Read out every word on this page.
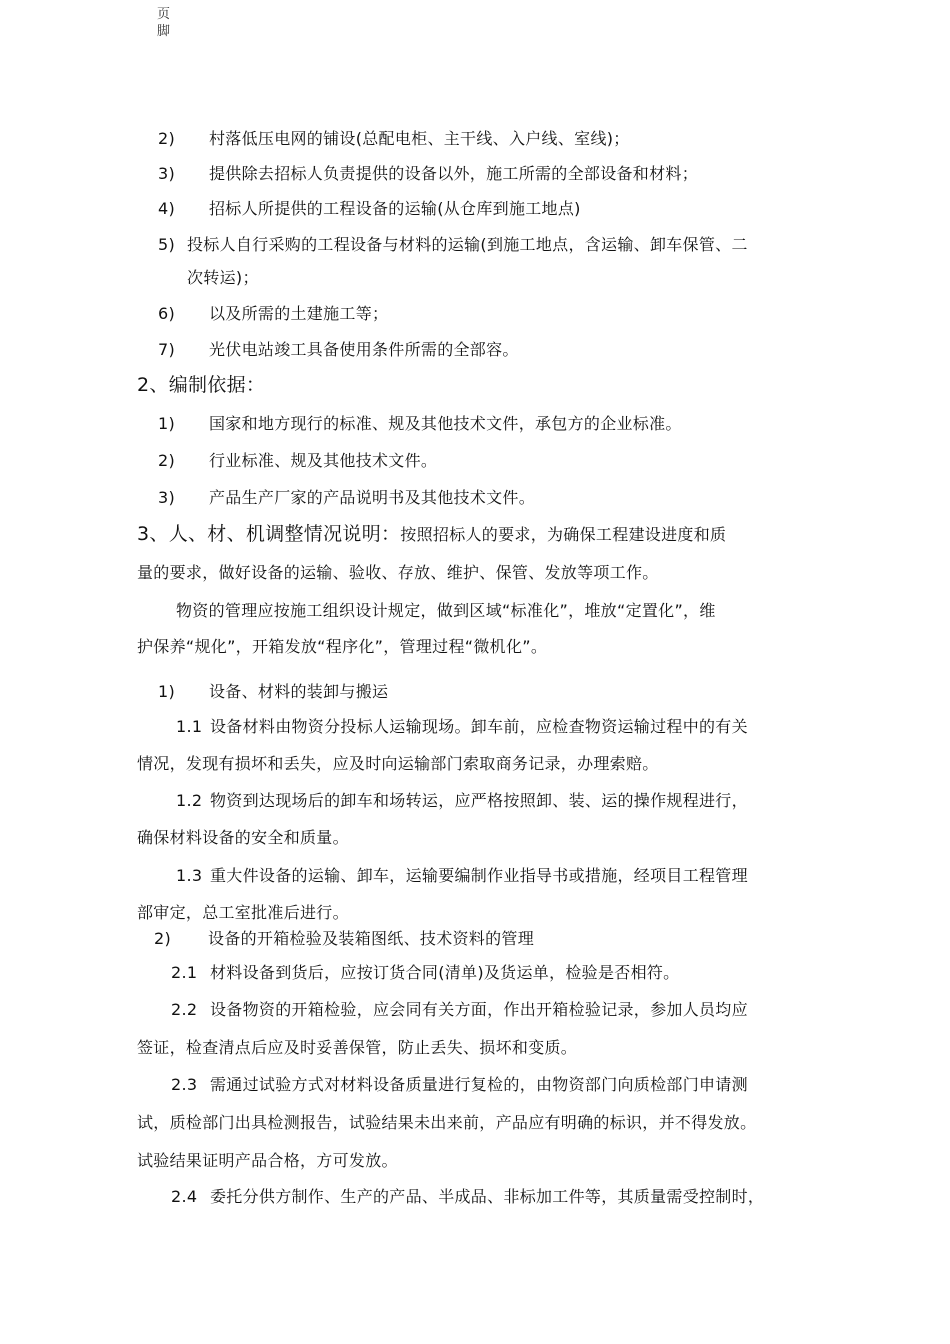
页脚
2) 村落低压电网的铺设(总配电柜、主干线、入户线、室线)；
3) 提供除去招标人负责提供的设备以外，施工所需的全部设备和材料；
4) 招标人所提供的工程设备的运输(从仓库到施工地点)
5) 投标人自行采购的工程设备与材料的运输(到施工地点，含运输、卸车保管、二
次转运)；
6) 以及所需的土建施工等；
7) 光伏电站竣工具备使用条件所需的全部容。
2、编制依据：
1) 国家和地方现行的标准、规及其他技术文件，承包方的企业标准。
2) 行业标准、规及其他技术文件。
3) 产品生产厂家的产品说明书及其他技术文件。
3、人、材、机调整情况说明：按照招标人的要求，为确保工程建设进度和质
量的要求，做好设备的运输、验收、存放、维护、保管、发放等项工作。
物资的管理应按施工组织设计规定，做到区域“标准化”，堆放“定置化”，维
护保养“规化”，开箱发放“程序化”，管理过程“微机化”。
1) 设备、材料的装卸与搬运
1.1 设备材料由物资分投标人运输现场。卸车前，应检查物资运输过程中的有关
情况，发现有损坏和丢失，应及时向运输部门索取商务记录，办理索赔。
1.2 物资到达现场后的卸车和场转运，应严格按照卸、装、运的操作规程进行，
确保材料设备的安全和质量。
1.3 重大件设备的运输、卸车，运输要编制作业指导书或措施，经项目工程管理
部审定，总工室批准后进行。
2) 设备的开箱检验及装箱图纸、技术资料的管理
2.1 材料设备到货后，应按订货合同(清单)及货运单，检验是否相符。
2.2 设备物资的开箱检验，应会同有关方面，作出开箱检验记录，参加人员均应
签证，检查清点后应及时妥善保管，防止丢失、损坏和变质。
2.3 需通过试验方式对材料设备质量进行复检的，由物资部门向质检部门申请测
试，质检部门出具检测报告，试验结果未出来前，产品应有明确的标识，并不得发放。
试验结果证明产品合格，方可发放。
2.4 委托分供方制作、生产的产品、半成品、非标加工件等，其质量需受控制时，
